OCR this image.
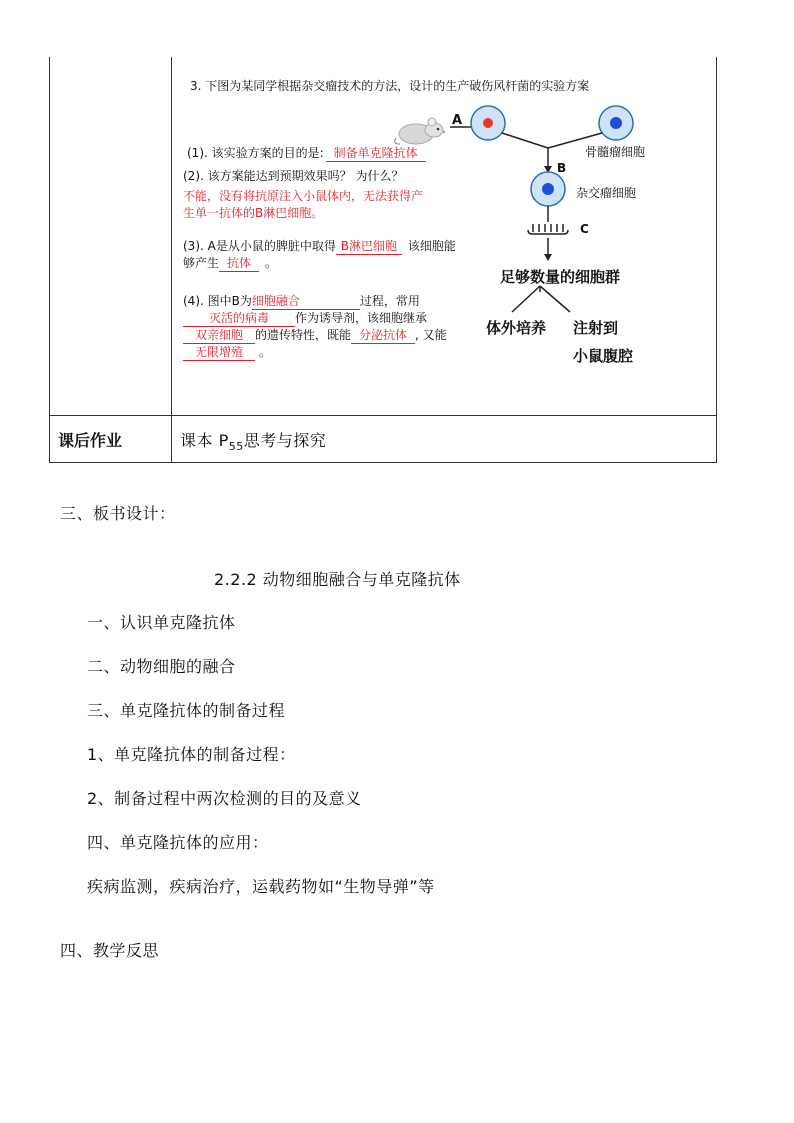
3. 下图为某同学根据杂交瘤技术的方法，设计的生产破伤风杆菌的实验方案
(1). 该实验方案的目的是: 制备单克隆抗体
(2). 该方案能达到预期效果吗？ 为什么？
不能，没有将抗原注入小鼠体内，无法获得产
生单一抗体的B淋巴细胞。
(3). A是从小鼠的脾脏中取得 B淋巴细胞 该细胞能
够产生 抗体 。
(4). 图中B为细胞融合	过程，常用
灭活的病毒 作为诱导剂，该细胞继承
双亲细胞 的遗传特性，既能 分泌抗体 , 又能
无限增殖 。
A
B
C
骨髓瘤细胞
杂交瘤细胞
足够数量的细胞群
体外培养 注射到
小鼠腹腔
课后作业	课本 $P_{55}$思考与探究
三、板书设计：
2.2.2 动物细胞融合与单克隆抗体
一、认识单克隆抗体
二、动物细胞的融合
三、单克隆抗体的制备过程
1、单克隆抗体的制备过程：
2、制备过程中两次检测的目的及意义
四、单克隆抗体的应用：
疾病监测，疾病治疗，运载药物如“生物导弹”等
四、教学反思
